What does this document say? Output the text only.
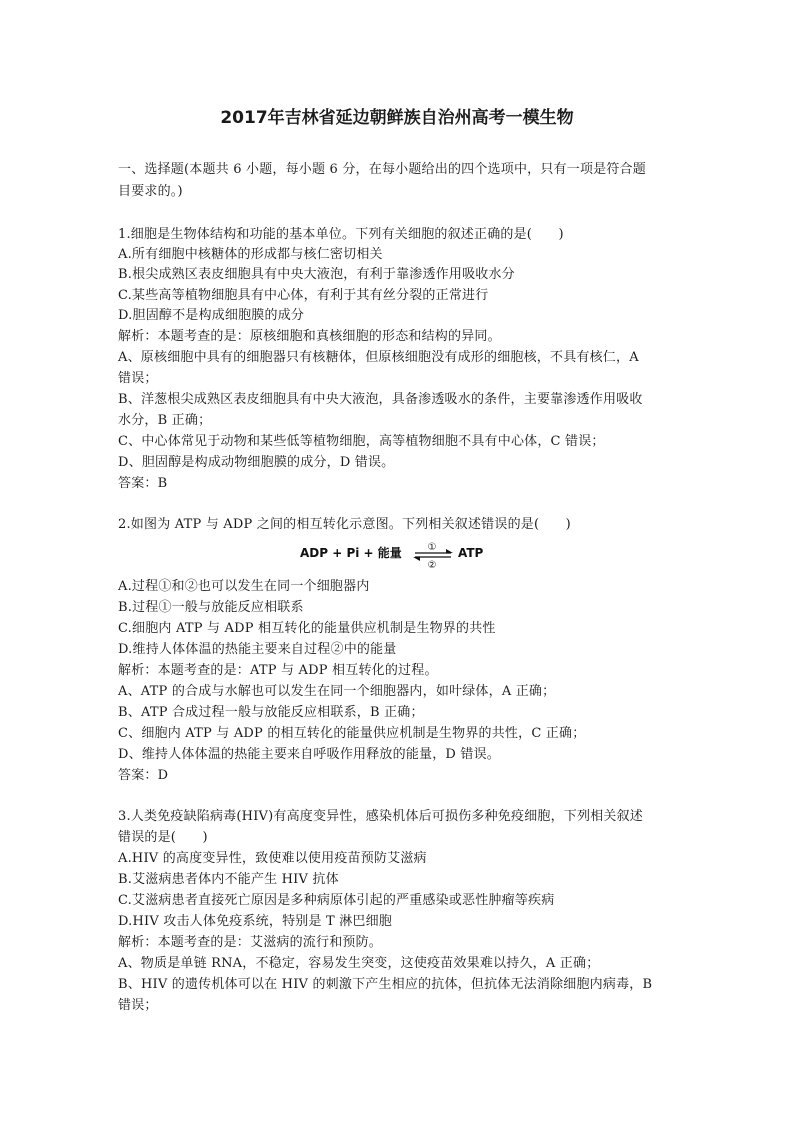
2017年吉林省延边朝鲜族自治州高考一模生物
一、选择题(本题共 6 小题，每小题 6 分，在每小题给出的四个选项中，只有一项是符合题
目要求的。)
1.细胞是生物体结构和功能的基本单位。下列有关细胞的叙述正确的是(　　)
A.所有细胞中核糖体的形成都与核仁密切相关
B.根尖成熟区表皮细胞具有中央大液泡，有利于靠渗透作用吸收水分
C.某些高等植物细胞具有中心体，有利于其有丝分裂的正常进行
D.胆固醇不是构成细胞膜的成分
解析：本题考查的是：原核细胞和真核细胞的形态和结构的异同。
A、原核细胞中具有的细胞器只有核糖体，但原核细胞没有成形的细胞核，不具有核仁，A
错误；
B、洋葱根尖成熟区表皮细胞具有中央大液泡，具备渗透吸水的条件，主要靠渗透作用吸收
水分，B 正确；
C、中心体常见于动物和某些低等植物细胞，高等植物细胞不具有中心体，C 错误；
D、胆固醇是构成动物细胞膜的成分，D 错误。
答案：B
2.如图为 ATP 与 ADP 之间的相互转化示意图。下列相关叙述错误的是(　　)
ADP + Pi + 能量	①
②
ATP
A.过程①和②也可以发生在同一个细胞器内
B.过程①一般与放能反应相联系
C.细胞内 ATP 与 ADP 相互转化的能量供应机制是生物界的共性
D.维持人体体温的热能主要来自过程②中的能量
解析：本题考查的是：ATP 与 ADP 相互转化的过程。
A、ATP 的合成与水解也可以发生在同一个细胞器内，如叶绿体，A 正确；
B、ATP 合成过程一般与放能反应相联系，B 正确；
C、细胞内 ATP 与 ADP 的相互转化的能量供应机制是生物界的共性，C 正确；
D、维持人体体温的热能主要来自呼吸作用释放的能量，D 错误。
答案：D
3.人类免疫缺陷病毒(HIV)有高度变异性，感染机体后可损伤多种免疫细胞，下列相关叙述
错误的是(　　)
A.HIV 的高度变异性，致使难以使用疫苗预防艾滋病
B.艾滋病患者体内不能产生 HIV 抗体
C.艾滋病患者直接死亡原因是多种病原体引起的严重感染或恶性肿瘤等疾病
D.HIV 攻击人体免疫系统，特别是 T 淋巴细胞
解析：本题考查的是：艾滋病的流行和预防。
A、物质是单链 RNA，不稳定，容易发生突变，这使疫苗效果难以持久，A 正确；
B、HIV 的遗传机体可以在 HIV 的刺激下产生相应的抗体，但抗体无法消除细胞内病毒，B
错误；
